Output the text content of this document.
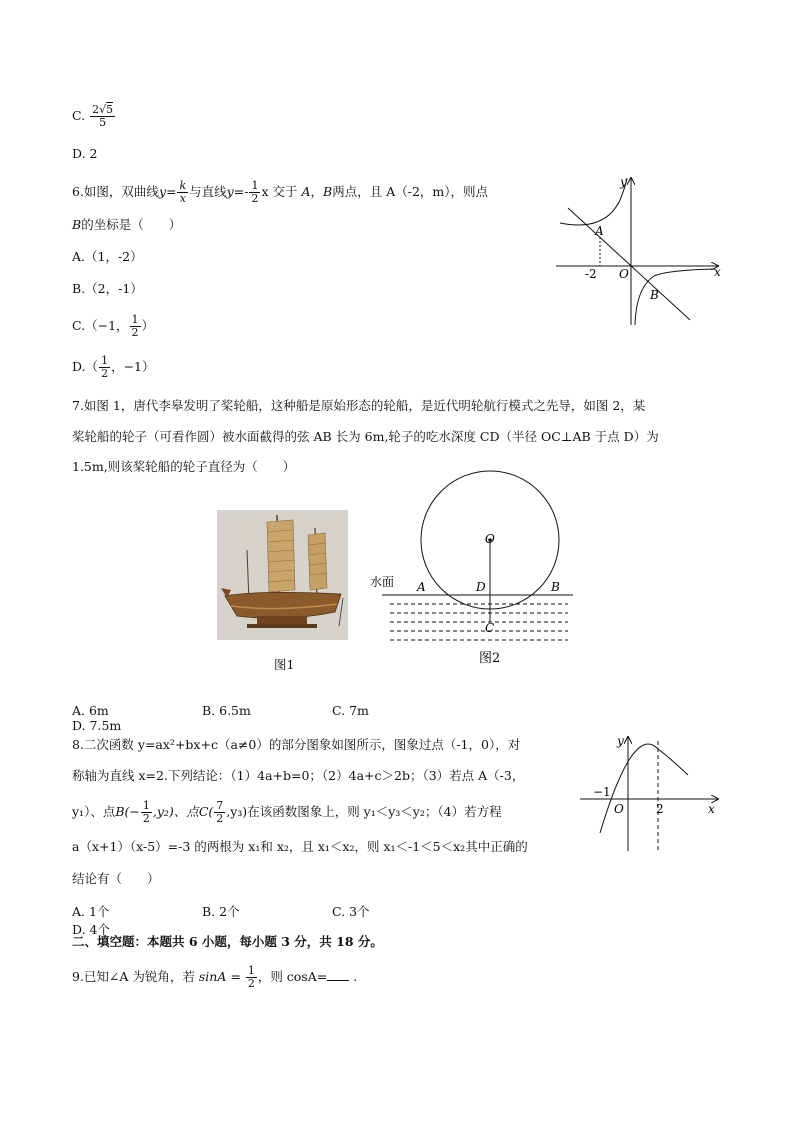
C. $\frac{2√5}{5}$
D. 2
6.如图，双曲线$y= \frac{k}{x}$ 与直线$y=- \frac{1}{2}$ x 交于 A，B两点，且 A（-2，m），则点
B的坐标是（　　）
A.（1，-2）
B.（2，-1）
C.（−1， $\frac{1}{2}$ ）
$D.( \frac{1}{2}$ ，−1）
y
x
O
-2
A
B
7.如图 1，唐代李皋发明了桨轮船，这种船是原始形态的轮船，是近代明轮航行模式之先导，如图 2，某
桨轮船的轮子（可看作圆）被水面截得的弦 AB 长为 6m,轮子的吃水深度 CD（半径 OC⊥AB 于点 D）为
1.5m,则该桨轮船的轮子直径为（　　）
图1
水面
O
A	D	B
C
图2
A. 6m	B. 6.5m	C. 7mD. 7.5m
8.二次函数 y=ax²+bx+c（a≠0）的部分图象如图所示，图象过点（-1，0），对
称轴为直线 x=2.下列结论：（1）4a+b=0；（2）4a+c＞2b；（3）若点 A（-3，
y₁）、点$B(- \frac{1}{2} ,y_2)$、点$C( \frac{7}{2} ,y_3)$在该函数图象上，则 y₁＜y₃＜y₂；（4）若方程
a（x+1）（x-5）=-3 的两根为 x₁和 x₂，且 x₁＜x₂，则 x₁＜-1＜5＜x₂其中正确的
结论有（　　）
y
x
O
−1
2
A. 1个	B. 2个	C. 3个D. 4个
二、填空题：本题共 6 小题，每小题 3 分，共 18 分。
9.已知∠A 为锐角，若 $\sin A = \frac{1}{2}$ ，则 cosA= .
